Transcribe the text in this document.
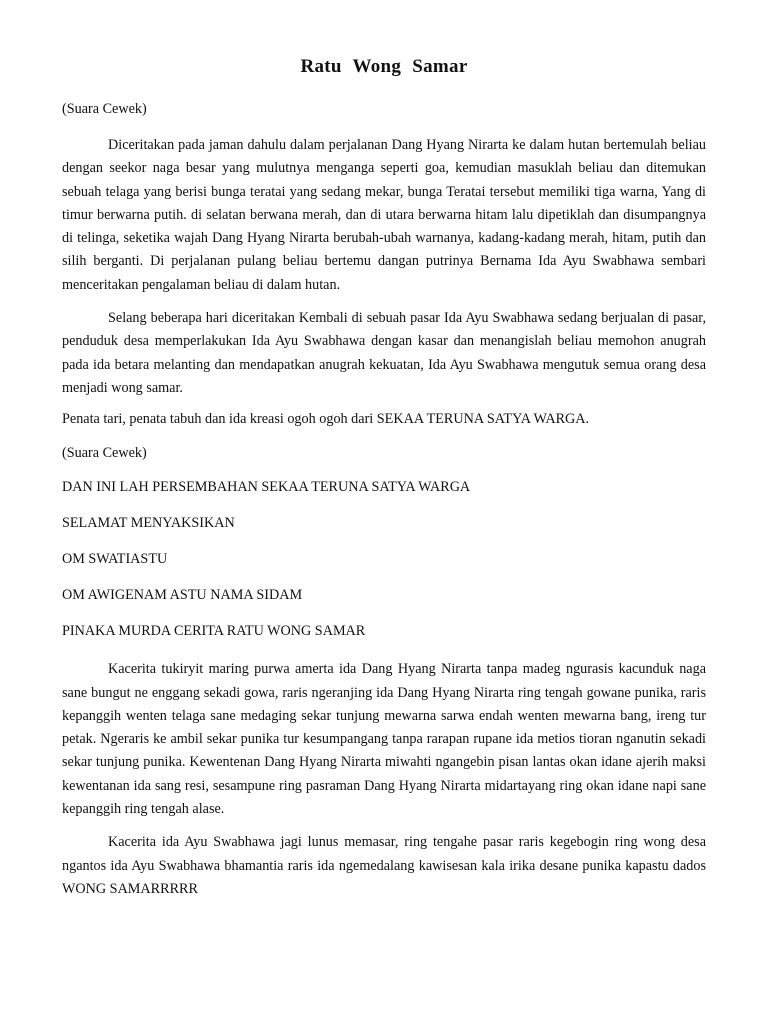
Ratu Wong Samar

(Suara Cewek)

Diceritakan pada jaman dahulu dalam perjalanan Dang Hyang Nirarta ke dalam hutan bertemulah beliau dengan seekor naga besar yang mulutnya menganga seperti goa, kemudian masuklah beliau dan ditemukan sebuah telaga yang berisi bunga teratai yang sedang mekar, bunga Teratai tersebut memiliki tiga warna, Yang di timur berwarna putih. di selatan berwana merah, dan di utara berwarna hitam lalu dipetiklah dan disumpangnya di telinga, seketika wajah Dang Hyang Nirarta berubah-ubah warnanya, kadang-kadang merah, hitam, putih dan silih berganti. Di perjalanan pulang beliau bertemu dangan putrinya Bernama Ida Ayu Swabhawa sembari menceritakan pengalaman beliau di dalam hutan.

Selang beberapa hari diceritakan Kembali di sebuah pasar Ida Ayu Swabhawa sedang berjualan di pasar, penduduk desa memperlakukan Ida Ayu Swabhawa dengan kasar dan menangislah beliau memohon anugrah pada ida betara melanting dan mendapatkan anugrah kekuatan, Ida Ayu Swabhawa mengutuk semua orang desa menjadi wong samar.

Penata tari, penata tabuh dan ida kreasi ogoh ogoh dari SEKAA TERUNA SATYA WARGA.

(Suara Cewek)

DAN INI LAH PERSEMBAHAN SEKAA TERUNA SATYA WARGA

SELAMAT MENYAKSIKAN

OM SWATIASTU

OM AWIGENAM ASTU NAMA SIDAM

PINAKA MURDA CERITA RATU WONG SAMAR

Kacerita tukiryit maring purwa amerta ida Dang Hyang Nirarta tanpa madeg ngurasis kacunduk naga sane bungut ne enggang sekadi gowa, raris ngeranjing ida Dang Hyang Nirarta ring tengah gowane punika, raris kepanggih wenten telaga sane medaging sekar tunjung mewarna sarwa endah wenten mewarna bang, ireng tur petak. Ngeraris ke ambil sekar punika tur kesumpangang tanpa rarapan rupane ida metios tioran nganutin sekadi sekar tunjung punika. Kewentenan Dang Hyang Nirarta miwahti ngangebin pisan lantas okan idane ajerih maksi kewentanan ida sang resi, sesampune ring pasraman Dang Hyang Nirarta midartayang ring okan idane napi sane kepanggih ring tengah alase.

Kacerita ida Ayu Swabhawa jagi lunus memasar, ring tengahe pasar raris kegebogin ring wong desa ngantos ida Ayu Swabhawa bhamantia raris ida ngemedalang kawisesan kala irika desane punika kapastu dados WONG SAMARRRRR
